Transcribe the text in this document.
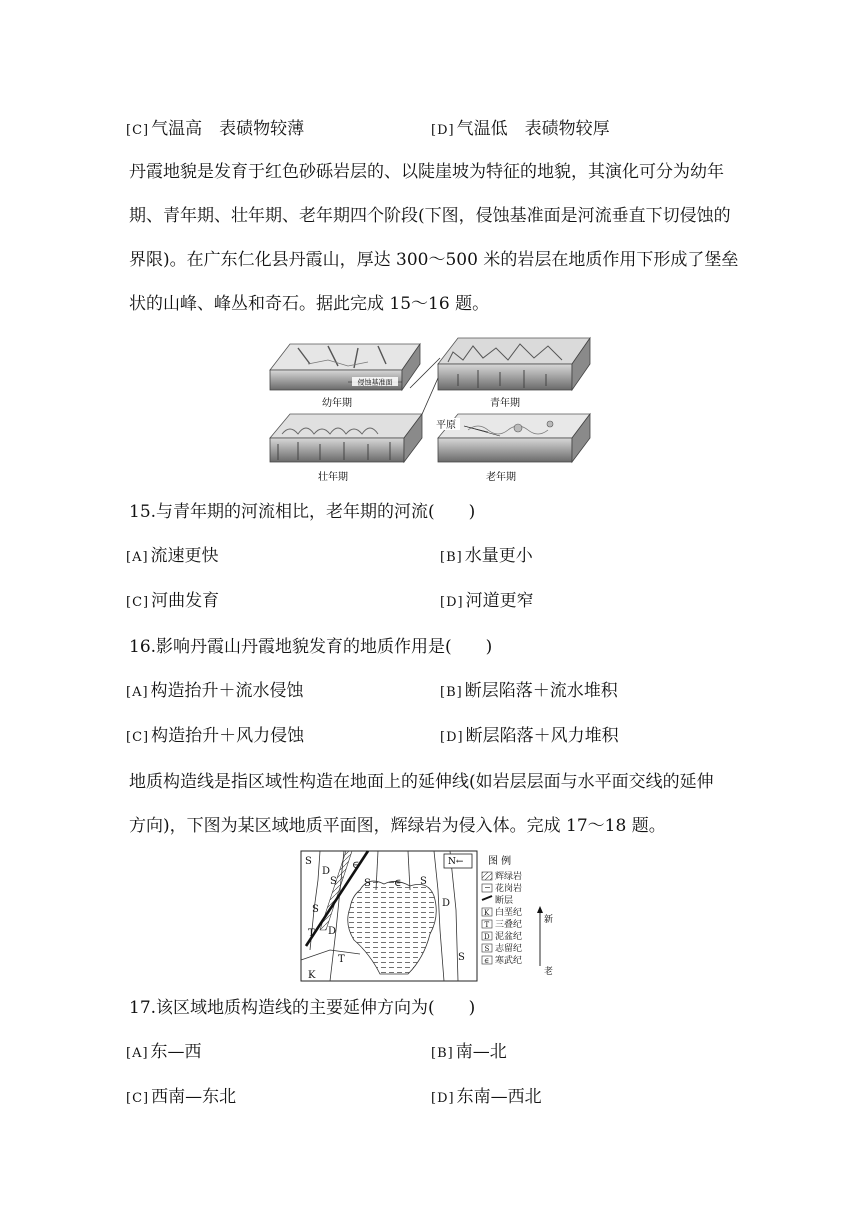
[C] 气温高　表碛物较薄	[D] 气温低　表碛物较厚
丹霞地貌是发育于红色砂砾岩层的、以陡崖坡为特征的地貌，其演化可分为幼年
期、青年期、壮年期、老年期四个阶段(下图，侵蚀基准面是河流垂直下切侵蚀的
界限)。在广东仁化县丹霞山，厚达 300～500 米的岩层在地质作用下形成了堡垒
状的山峰、峰丛和奇石。据此完成 15～16 题。
侵蚀基准面
幼年期	青年期
壮年期
平原
老年期
15.与青年期的河流相比，老年期的河流(　　)
[A] 流速更快	[B] 水量更小
[C] 河曲发育	[D] 河道更窄
16.影响丹霞山丹霞地貌发育的地质作用是(　　)
[A] 构造抬升＋流水侵蚀	[B] 断层陷落＋流水堆积
[C] 构造抬升＋风力侵蚀	[D] 断层陷落＋风力堆积
地质构造线是指区域性构造在地面上的延伸线(如岩层层面与水平面交线的延伸
方向)，下图为某区域地质平面图，辉绿岩为侵入体。完成 17～18 题。
S
D
S
∈
S ∈ S
D
S
D
T
T	S
K
N← 图 例
辉绿岩
花岗岩
断层
K 白垩纪
T 三叠纪
D 泥盆纪
S 志留纪
∈ 寒武纪
新
老
17.该区域地质构造线的主要延伸方向为(　　)
[A] 东—西	[B] 南—北
[C] 西南—东北	[D] 东南—西北
